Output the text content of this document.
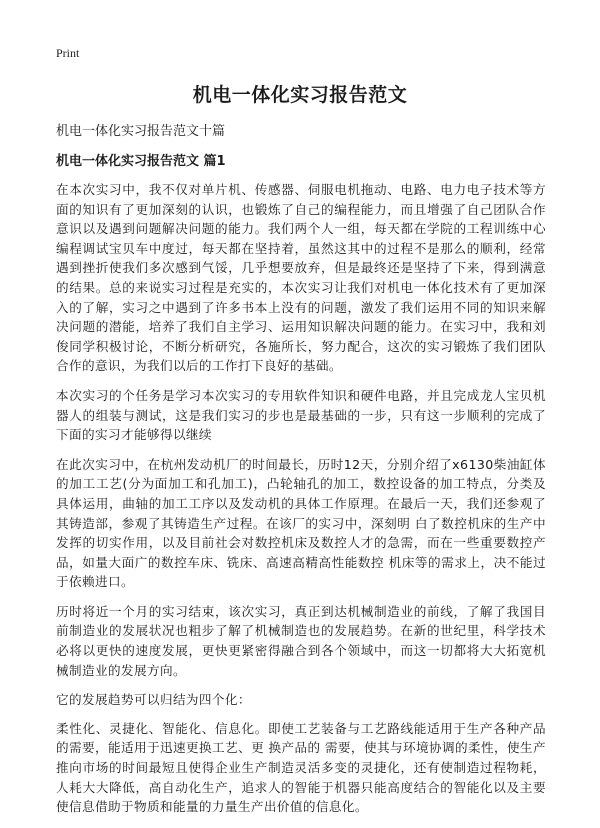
Print
机电一体化实习报告范文
机电一体化实习报告范文十篇
机电一体化实习报告范文 篇1

在本次实习中，我不仅对单片机、传感器、伺服电机拖动、电路、电力电子技术等方面的知识有了更加深刻的认识，也锻炼了自己的编程能力，而且增强了自己团队合作意识以及遇到问题解决问题的能力。我们两个人一组，每天都在学院的工程训练中心编程调试宝贝车中度过，每天都在坚持着，虽然这其中的过程不是那么的顺利，经常遇到挫折使我们多次感到气馁，几乎想要放弃，但是最终还是坚持了下来，得到满意的结果。总的来说实习过程是充实的，本次实习让我们对机电一体化技术有了更加深入的了解，实习之中遇到了许多书本上没有的问题，激发了我们运用不同的知识来解决问题的潜能，培养了我们自主学习、运用知识解决问题的能力。在实习中，我和刘俊同学积极讨论，不断分析研究，各施所长，努力配合，这次的实习锻炼了我们团队合作的意识，为我们以后的工作打下良好的基础。

本次实习的个任务是学习本次实习的专用软件知识和硬件电路，并且完成龙人宝贝机器人的组装与测试，这是我们实习的步也是最基础的一步，只有这一步顺利的完成了下面的实习才能够得以继续

在此次实习中，在杭州发动机厂的时间最长，历时12天，分别介绍了x6130柴油缸体的加工工艺(分为面加工和孔加工)，凸轮轴孔的加工，数控设备的加工特点，分类及具体运用，曲轴的加工工序以及发动机的具体工作原理。在最后一天，我们还参观了其铸造部，参观了其铸造生产过程。在该厂的实习中，深刻明 白了数控机床的生产中发挥的切实作用，以及目前社会对数控机床及数控人才的急需，而在一些重要数控产品，如量大面广的数控车床、铣床、高速高精高性能数控 机床等的需求上，决不能过于依赖进口。

历时将近一个月的实习结束，该次实习，真正到达机械制造业的前线，了解了我国目前制造业的发展状况也粗步了解了机械制造也的发展趋势。在新的世纪里，科学技术必将以更快的速度发展，更快更紧密得融合到各个领域中，而这一切都将大大拓宽机械制造业的发展方向。

它的发展趋势可以归结为四个化：

柔性化、灵捷化、智能化、信息化。即使工艺装备与工艺路线能适用于生产各种产品的需要，能适用于迅速更换工艺、更 换产品的 需要，使其与环境协调的柔性，使生产推向市场的时间最短且使得企业生产制造灵活多变的灵捷化，还有使制造过程物耗，人耗大大降低，高自动化生产，追求人的智能于机器只能高度结合的智能化以及主要使信息借助于物质和能量的力量生产出价值的信息化。
